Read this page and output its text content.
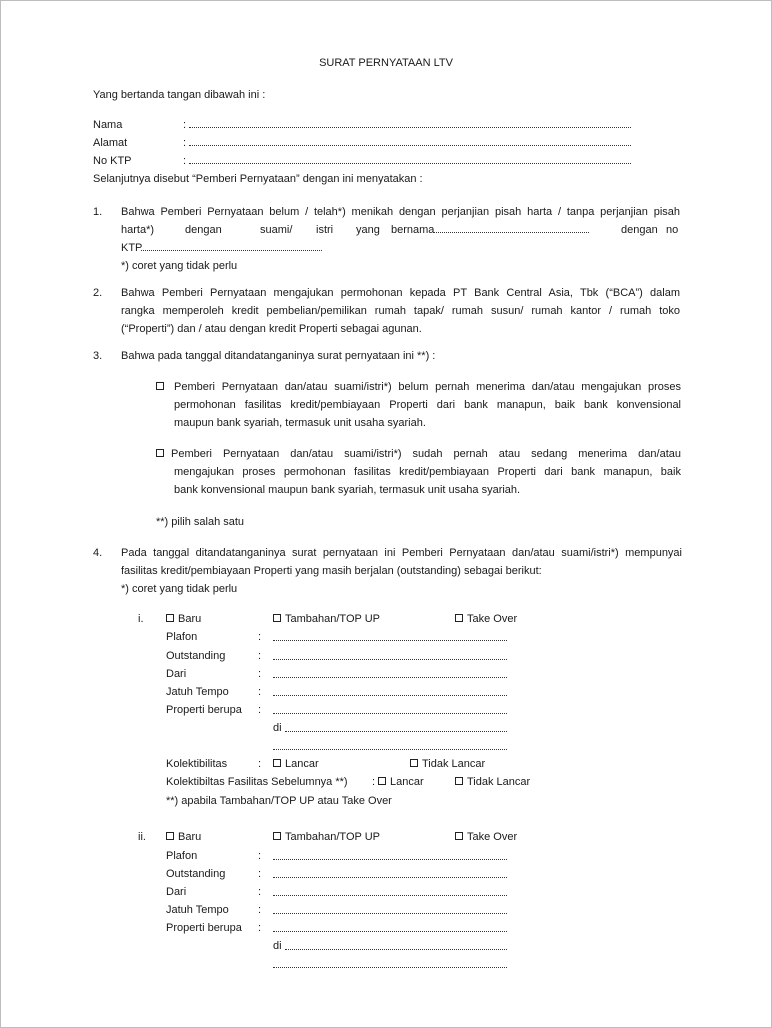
SURAT PERNYATAAN LTV
Yang bertanda tangan dibawah ini :
Nama	:
Alamat	:
No KTP	:
Selanjutnya disebut “Pemberi Pernyataan” dengan ini menyatakan :
1. Bahwa Pemberi Pernyataan belum / telah*) menikah dengan perjanjian pisah harta / tanpa perjanjian pisah
harta*)	dengan	suami/ istri yang bernama	dengan no
KTP
*) coret yang tidak perlu
2. Bahwa Pemberi Pernyataan mengajukan permohonan kepada PT Bank Central Asia, Tbk (“BCA”) dalam
rangka memperoleh kredit pembelian/pemilikan rumah tapak/ rumah susun/ rumah kantor / rumah toko
(“Properti”) dan / atau dengan kredit Properti sebagai agunan.
3. Bahwa pada tanggal ditandatanganinya surat pernyataan ini **) :
Pemberi Pernyataan dan/atau suami/istri*) belum pernah menerima dan/atau mengajukan proses
permohonan fasilitas kredit/pembiayaan Properti dari bank manapun, baik bank konvensional
maupun bank syariah, termasuk unit usaha syariah.
Pemberi Pernyataan dan/atau suami/istri*) sudah pernah atau sedang menerima dan/atau
mengajukan proses permohonan fasilitas kredit/pembiayaan Properti dari bank manapun, baik
bank konvensional maupun bank syariah, termasuk unit usaha syariah.
**) pilih salah satu
4. Pada tanggal ditandatanganinya surat pernyataan ini Pemberi Pernyataan dan/atau suami/istri*) mempunyai
fasilitas kredit/pembiayaan Properti yang masih berjalan (outstanding) sebagai berikut:
*) coret yang tidak perlu
i.	Baru	Tambahan/TOP UP	Take Over
Plafon	:
Outstanding	:
Dari	:
Jatuh Tempo	:
Properti berupa :
di
Kolektibilitas	:	Lancar	Tidak Lancar
Kolektibiltas Fasilitas Sebelumnya **) :	Lancar	Tidak Lancar
**) apabila Tambahan/TOP UP atau Take Over
ii.	Baru	Tambahan/TOP UP	Take Over
Plafon	:
Outstanding	:
Dari	:
Jatuh Tempo	:
Properti berupa :
di
